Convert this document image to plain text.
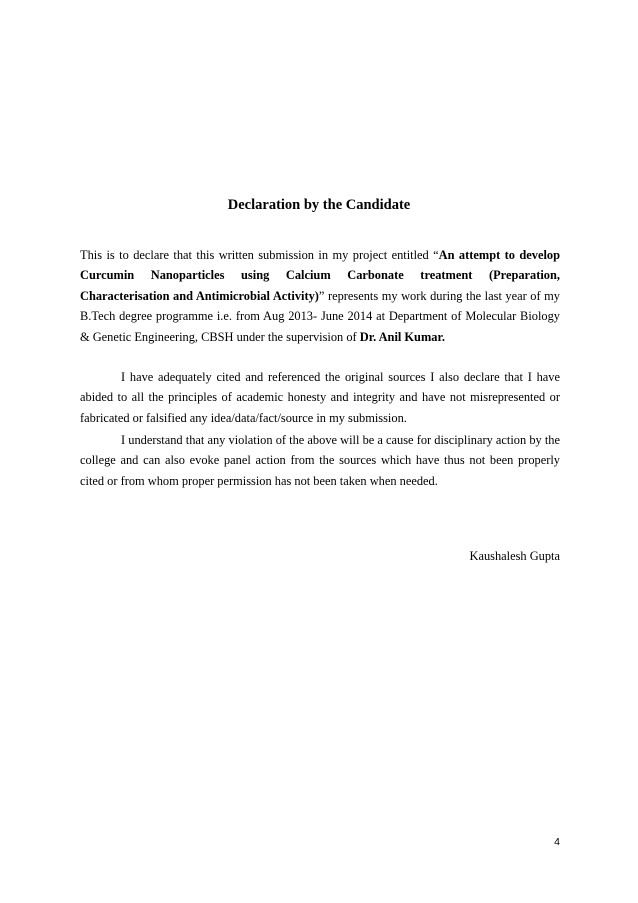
Declaration by the Candidate
This is to declare that this written submission in my project entitled “An attempt to develop Curcumin Nanoparticles using Calcium Carbonate treatment (Preparation, Characterisation and Antimicrobial Activity)” represents my work during the last year of my B.Tech degree programme i.e. from Aug 2013- June 2014 at Department of Molecular Biology & Genetic Engineering, CBSH under the supervision of Dr. Anil Kumar.
I have adequately cited and referenced the original sources I also declare that I have abided to all the principles of academic honesty and integrity and have not misrepresented or fabricated or falsified any idea/data/fact/source in my submission.
I understand that any violation of the above will be a cause for disciplinary action by the college and can also evoke panel action from the sources which have thus not been properly cited or from whom proper permission has not been taken when needed.
Kaushalesh Gupta
4
